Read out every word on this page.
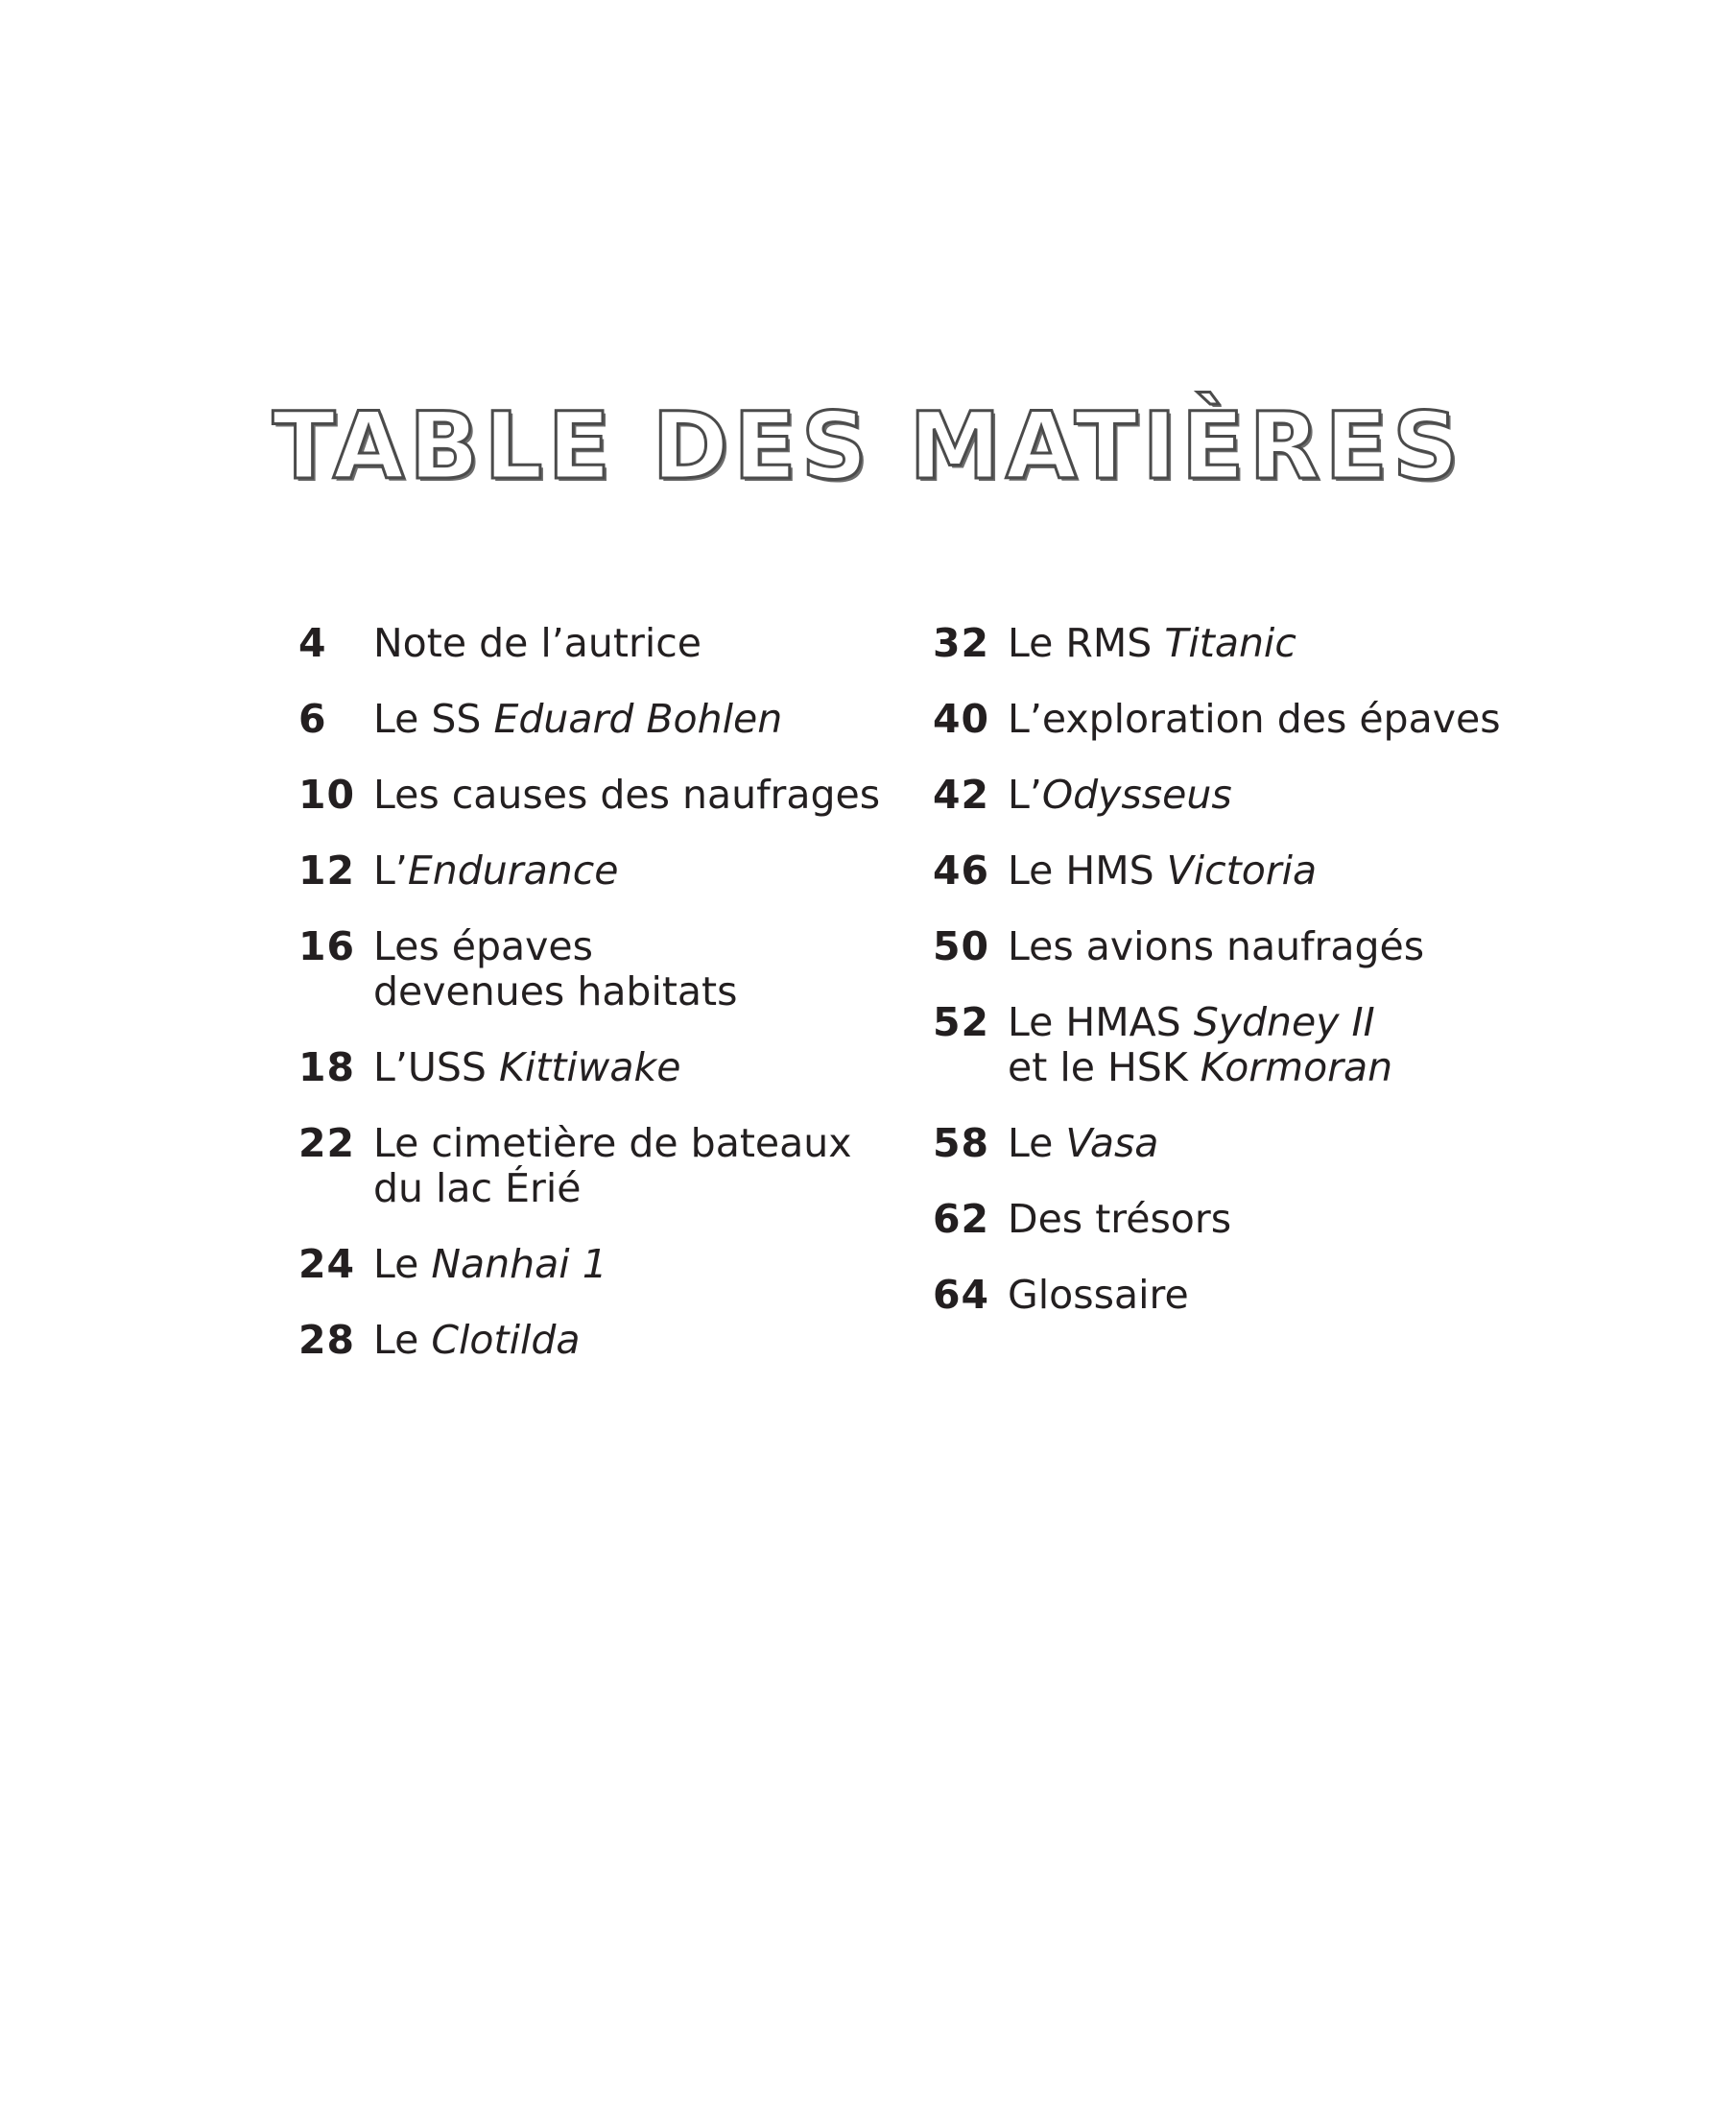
TABLE DES MATIÈRES
4	Note de l’autrice
6	Le SS Eduard Bohlen
10 Les causes des naufrages
12 L’Endurance
16 Les épaves
devenues habitats
18 L’USS Kittiwake
22 Le cimetière de bateaux
du lac Érié
24 Le Nanhai 1
28 Le Clotilda
32 Le RMS Titanic
40 L’exploration des épaves
42 L’Odysseus
46 Le HMS Victoria
50 Les avions naufragés
52 Le HMAS Sydney II
et le HSK Kormoran
58 Le Vasa
62 Des trésors
64 Glossaire
